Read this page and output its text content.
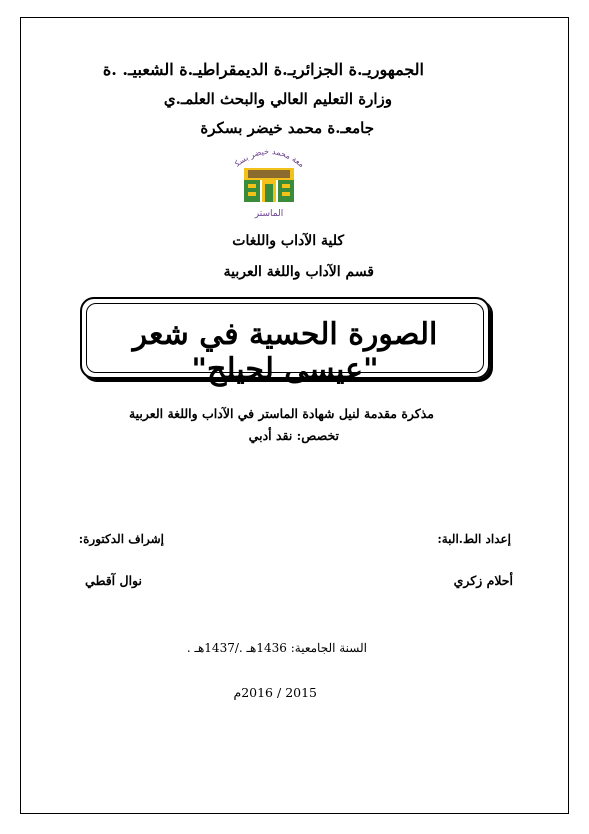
الجمهوريـ.ة الجزائريـ.ة الديمقراطيـ.ة الشعبيـ. .ة
وزارة التعليم العالي والبحث العلمـ.ي
جامعـ.ة محمد خيضر بسكرة
معة محمد خيضر بسك
الماستر
كلية الآداب واللغات
قسم الآداب واللغة العربية
الصورة الحسية في شعر "عيسى لحيلح"
مذكرة مقدمة لنيل شهادة الماستر في الآداب واللغة العربية
تخصص: نقد أدبي
إعداد الط.البة:
إشراف الدكتورة:
أحلام زكري
نوال آقطي
السنة الجامعية: 1436هـ ./1437هـ .
2015 / 2016م
